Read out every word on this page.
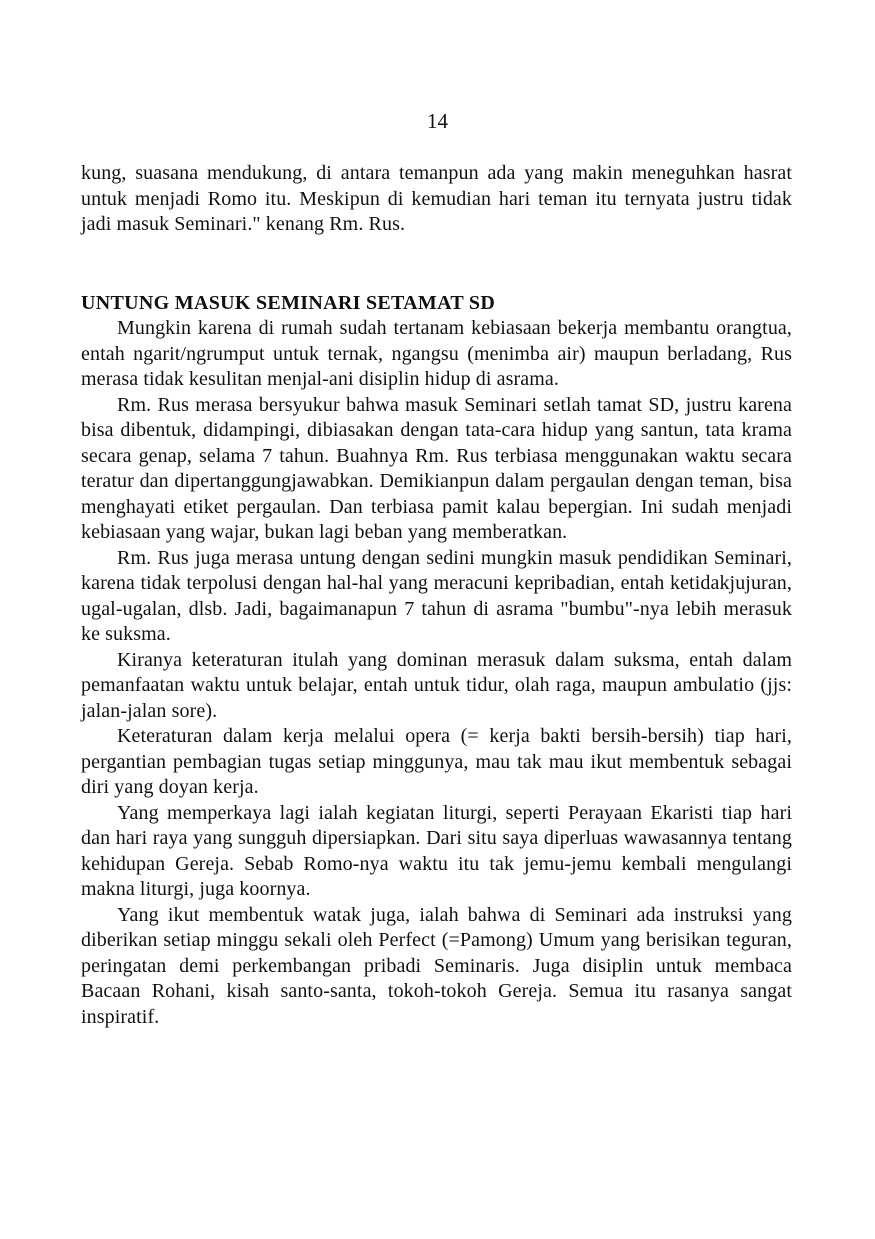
14

kung, suasana mendukung, di antara temanpun ada yang makin meneguhkan hasrat untuk menjadi Romo itu. Meskipun di kemudian hari teman itu ternyata justru tidak jadi masuk Seminari." kenang Rm. Rus.

UNTUNG MASUK SEMINARI SETAMAT SD

Mungkin karena di rumah sudah tertanam kebiasaan bekerja membantu orangtua, entah ngarit/ngrumput untuk ternak, ngangsu (menimba air) maupun berladang, Rus merasa tidak kesulitan menjal-ani disiplin hidup di asrama.

Rm. Rus merasa bersyukur bahwa masuk Seminari setlah tamat SD, justru karena bisa dibentuk, didampingi, dibiasakan dengan tata-cara hidup yang santun, tata krama secara genap, selama 7 tahun. Buahnya Rm. Rus terbiasa menggunakan waktu secara teratur dan dipertanggungjawabkan. Demikianpun dalam pergaulan dengan teman, bisa menghayati etiket pergaulan. Dan terbiasa pamit kalau bepergian. Ini sudah menjadi kebiasaan yang wajar, bukan lagi beban yang memberatkan.

Rm. Rus juga merasa untung dengan sedini mungkin masuk pendidikan Seminari, karena tidak terpolusi dengan hal-hal yang meracuni kepribadian, entah ketidakjujuran, ugal-ugalan, dlsb. Jadi, bagaimanapun 7 tahun di asrama "bumbu"-nya lebih merasuk ke suksma.

Kiranya keteraturan itulah yang dominan merasuk dalam suksma, entah dalam pemanfaatan waktu untuk belajar, entah untuk tidur, olah raga, maupun ambulatio (jjs: jalan-jalan sore).

Keteraturan dalam kerja melalui opera (= kerja bakti bersih-bersih) tiap hari, pergantian pembagian tugas setiap minggunya, mau tak mau ikut membentuk sebagai diri yang doyan kerja.

Yang memperkaya lagi ialah kegiatan liturgi, seperti Perayaan Ekaristi tiap hari dan hari raya yang sungguh dipersiapkan. Dari situ saya diperluas wawasannya tentang kehidupan Gereja. Sebab Romo-nya waktu itu tak jemu-jemu kembali mengulangi makna liturgi, juga koornya.

Yang ikut membentuk watak juga, ialah bahwa di Seminari ada instruksi yang diberikan setiap minggu sekali oleh Perfect (=Pamong) Umum yang berisikan teguran, peringatan demi perkembangan pribadi Seminaris. Juga disiplin untuk membaca Bacaan Rohani, kisah santo-santa, tokoh-tokoh Gereja. Semua itu rasanya sangat inspiratif.
